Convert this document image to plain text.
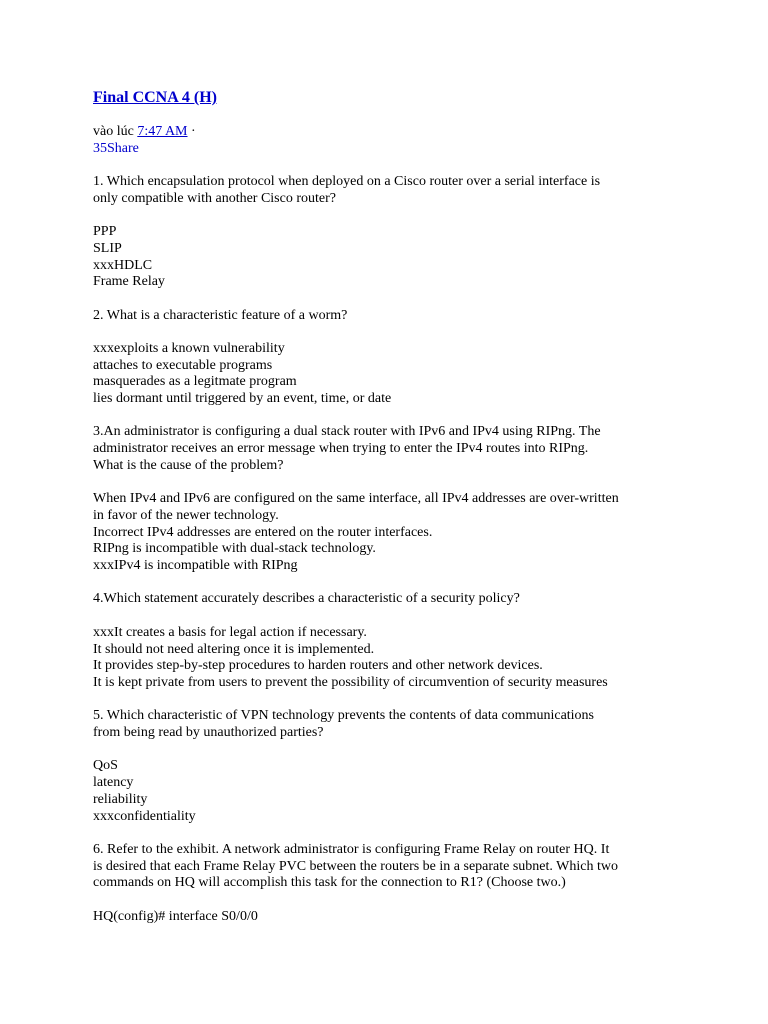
Final CCNA 4 (H)
vào lúc 7:47 AM ·
35Share
1. Which encapsulation protocol when deployed on a Cisco router over a serial interface is
only compatible with another Cisco router?
PPP
SLIP
xxxHDLC
Frame Relay
2. What is a characteristic feature of a worm?
xxxexploits a known vulnerability
attaches to executable programs
masquerades as a legitmate program
lies dormant until triggered by an event, time, or date
3.An administrator is configuring a dual stack router with IPv6 and IPv4 using RIPng. The
administrator receives an error message when trying to enter the IPv4 routes into RIPng.
What is the cause of the problem?
When IPv4 and IPv6 are configured on the same interface, all IPv4 addresses are over-written
in favor of the newer technology.
Incorrect IPv4 addresses are entered on the router interfaces.
RIPng is incompatible with dual-stack technology.
xxxIPv4 is incompatible with RIPng
4.Which statement accurately describes a characteristic of a security policy?
xxxIt creates a basis for legal action if necessary.
It should not need altering once it is implemented.
It provides step-by-step procedures to harden routers and other network devices.
It is kept private from users to prevent the possibility of circumvention of security measures
5. Which characteristic of VPN technology prevents the contents of data communications
from being read by unauthorized parties?
QoS
latency
reliability
xxxconfidentiality
6. Refer to the exhibit. A network administrator is configuring Frame Relay on router HQ. It
is desired that each Frame Relay PVC between the routers be in a separate subnet. Which two
commands on HQ will accomplish this task for the connection to R1? (Choose two.)
HQ(config)# interface S0/0/0
